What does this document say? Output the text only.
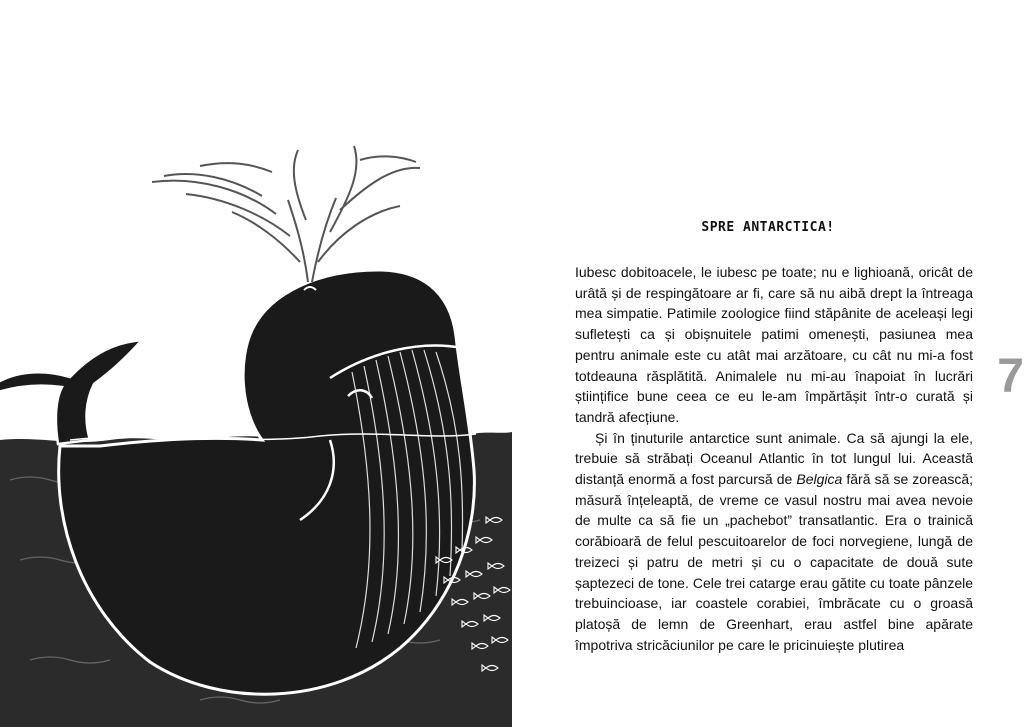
SPRE ANTARCTICA!

Iubesc dobitoacele, le iubesc pe toate; nu e lighioană, oricât de urâtă și de respingătoare ar fi, care să nu aibă drept la întreaga mea simpatie. Patimile zoologice fiind stăpânite de aceleași legi sufletești ca și obișnuitele patimi omenești, pasiunea mea pentru animale este cu atât mai arzătoare, cu cât nu mi-a fost totdeauna răsplătită. Animalele nu mi-au înapoiat în lucrări științifice bune ceea ce eu le-am împărtășit într-o curată și tandră afecțiune.

Și în ținuturile antarctice sunt animale. Ca să ajungi la ele, trebuie să străbați Oceanul Atlantic în tot lungul lui. Această distanță enormă a fost parcursă de Belgica fără să se zorească; măsură înțeleaptă, de vreme ce vasul nostru mai avea nevoie de multe ca să fie un „pachebot” transatlantic. Era o trainică corăbioară de felul pescuitoarelor de foci norvegiene, lungă de treizeci și patru de metri și cu o capacitate de două sute șaptezeci de tone. Cele trei catarge erau gătite cu toate pânzele trebuincioase, iar coastele corabiei, îmbrăcate cu o groasă platoșă de lemn de Greenhart, erau astfel bine apărate împotriva stricăciunilor pe care le pricinuiește plutirea

7
